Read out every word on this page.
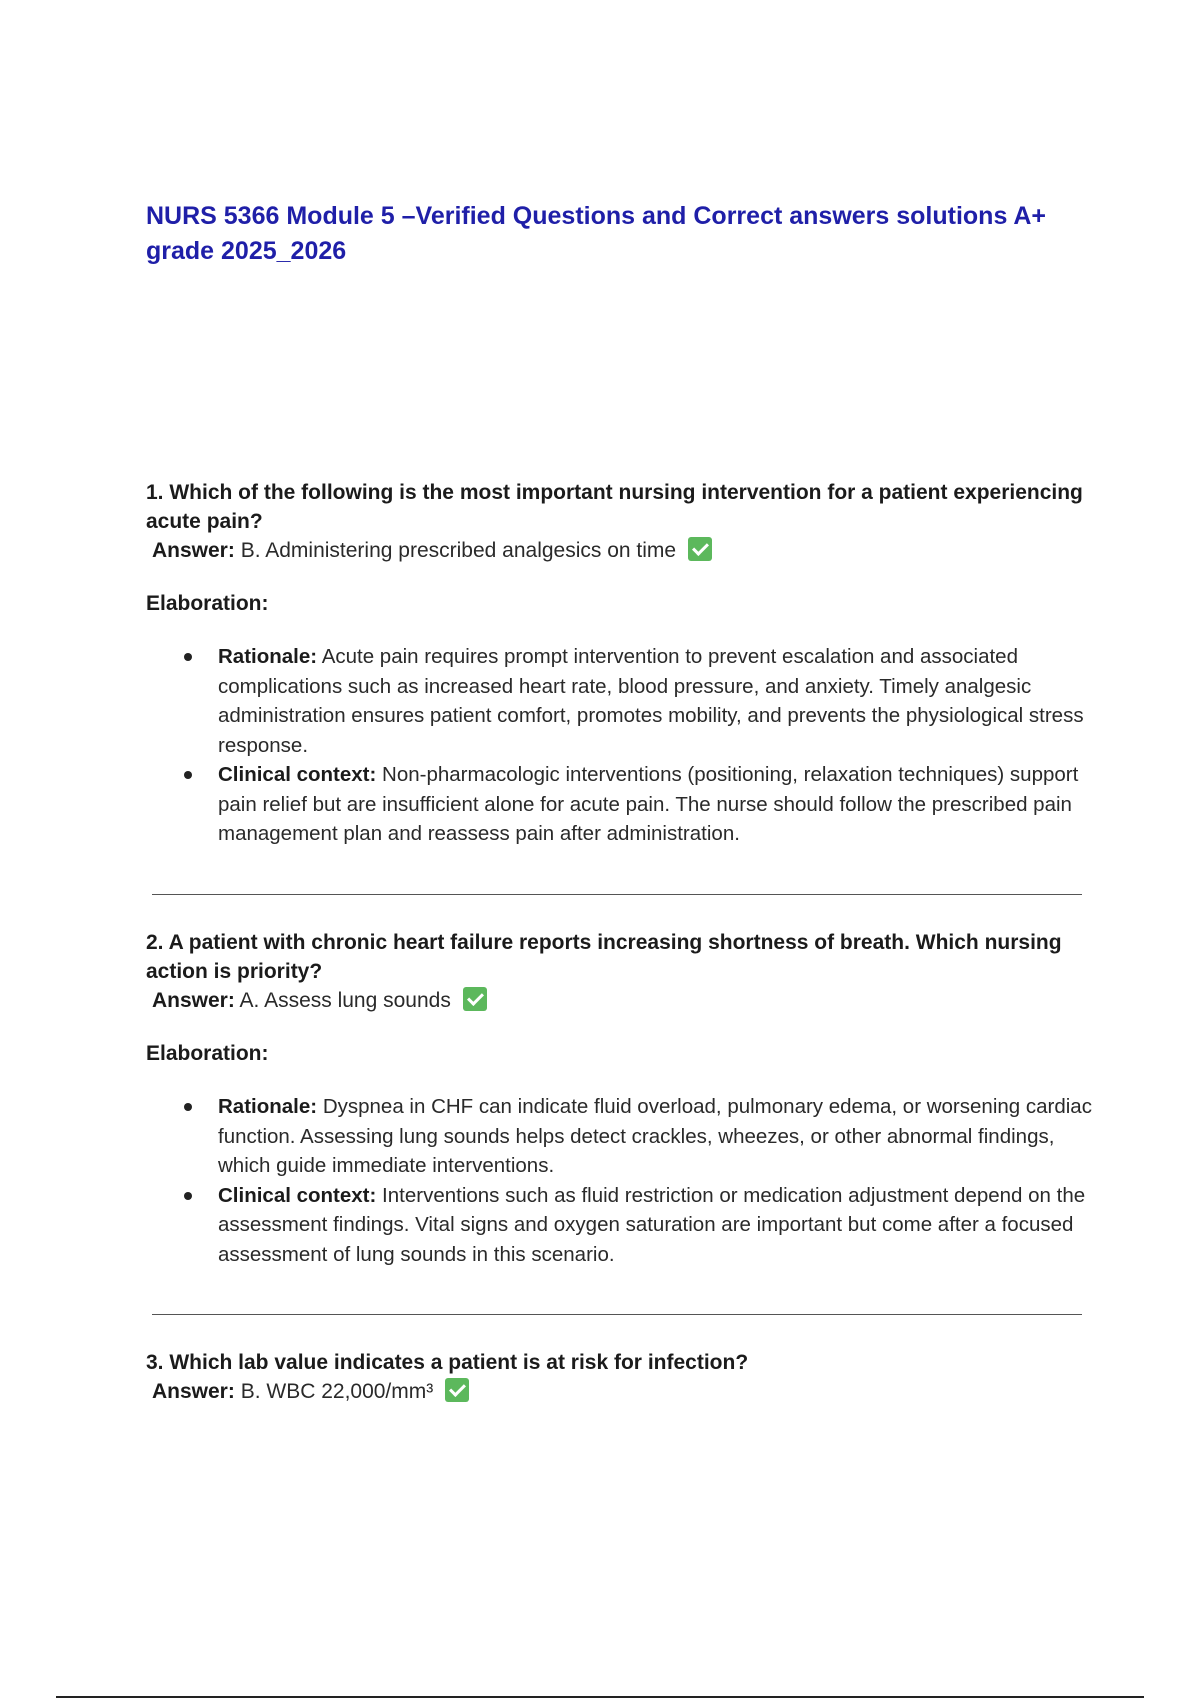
NURS 5366 Module 5 –Verified Questions and Correct answers solutions A+ grade 2025_2026

1. Which of the following is the most important nursing intervention for a patient experiencing acute pain?

Answer: B. Administering prescribed analgesics on time

Elaboration:

Rationale: Acute pain requires prompt intervention to prevent escalation and associated complications such as increased heart rate, blood pressure, and anxiety. Timely analgesic administration ensures patient comfort, promotes mobility, and prevents the physiological stress response.
Clinical context: Non-pharmacologic interventions (positioning, relaxation techniques) support pain relief but are insufficient alone for acute pain. The nurse should follow the prescribed pain management plan and reassess pain after administration.

2. A patient with chronic heart failure reports increasing shortness of breath. Which nursing action is priority?

Answer: A. Assess lung sounds

Elaboration:

Rationale: Dyspnea in CHF can indicate fluid overload, pulmonary edema, or worsening cardiac function. Assessing lung sounds helps detect crackles, wheezes, or other abnormal findings, which guide immediate interventions.
Clinical context: Interventions such as fluid restriction or medication adjustment depend on the assessment findings. Vital signs and oxygen saturation are important but come after a focused assessment of lung sounds in this scenario.

3. Which lab value indicates a patient is at risk for infection?

Answer: B. WBC 22,000/mm³
